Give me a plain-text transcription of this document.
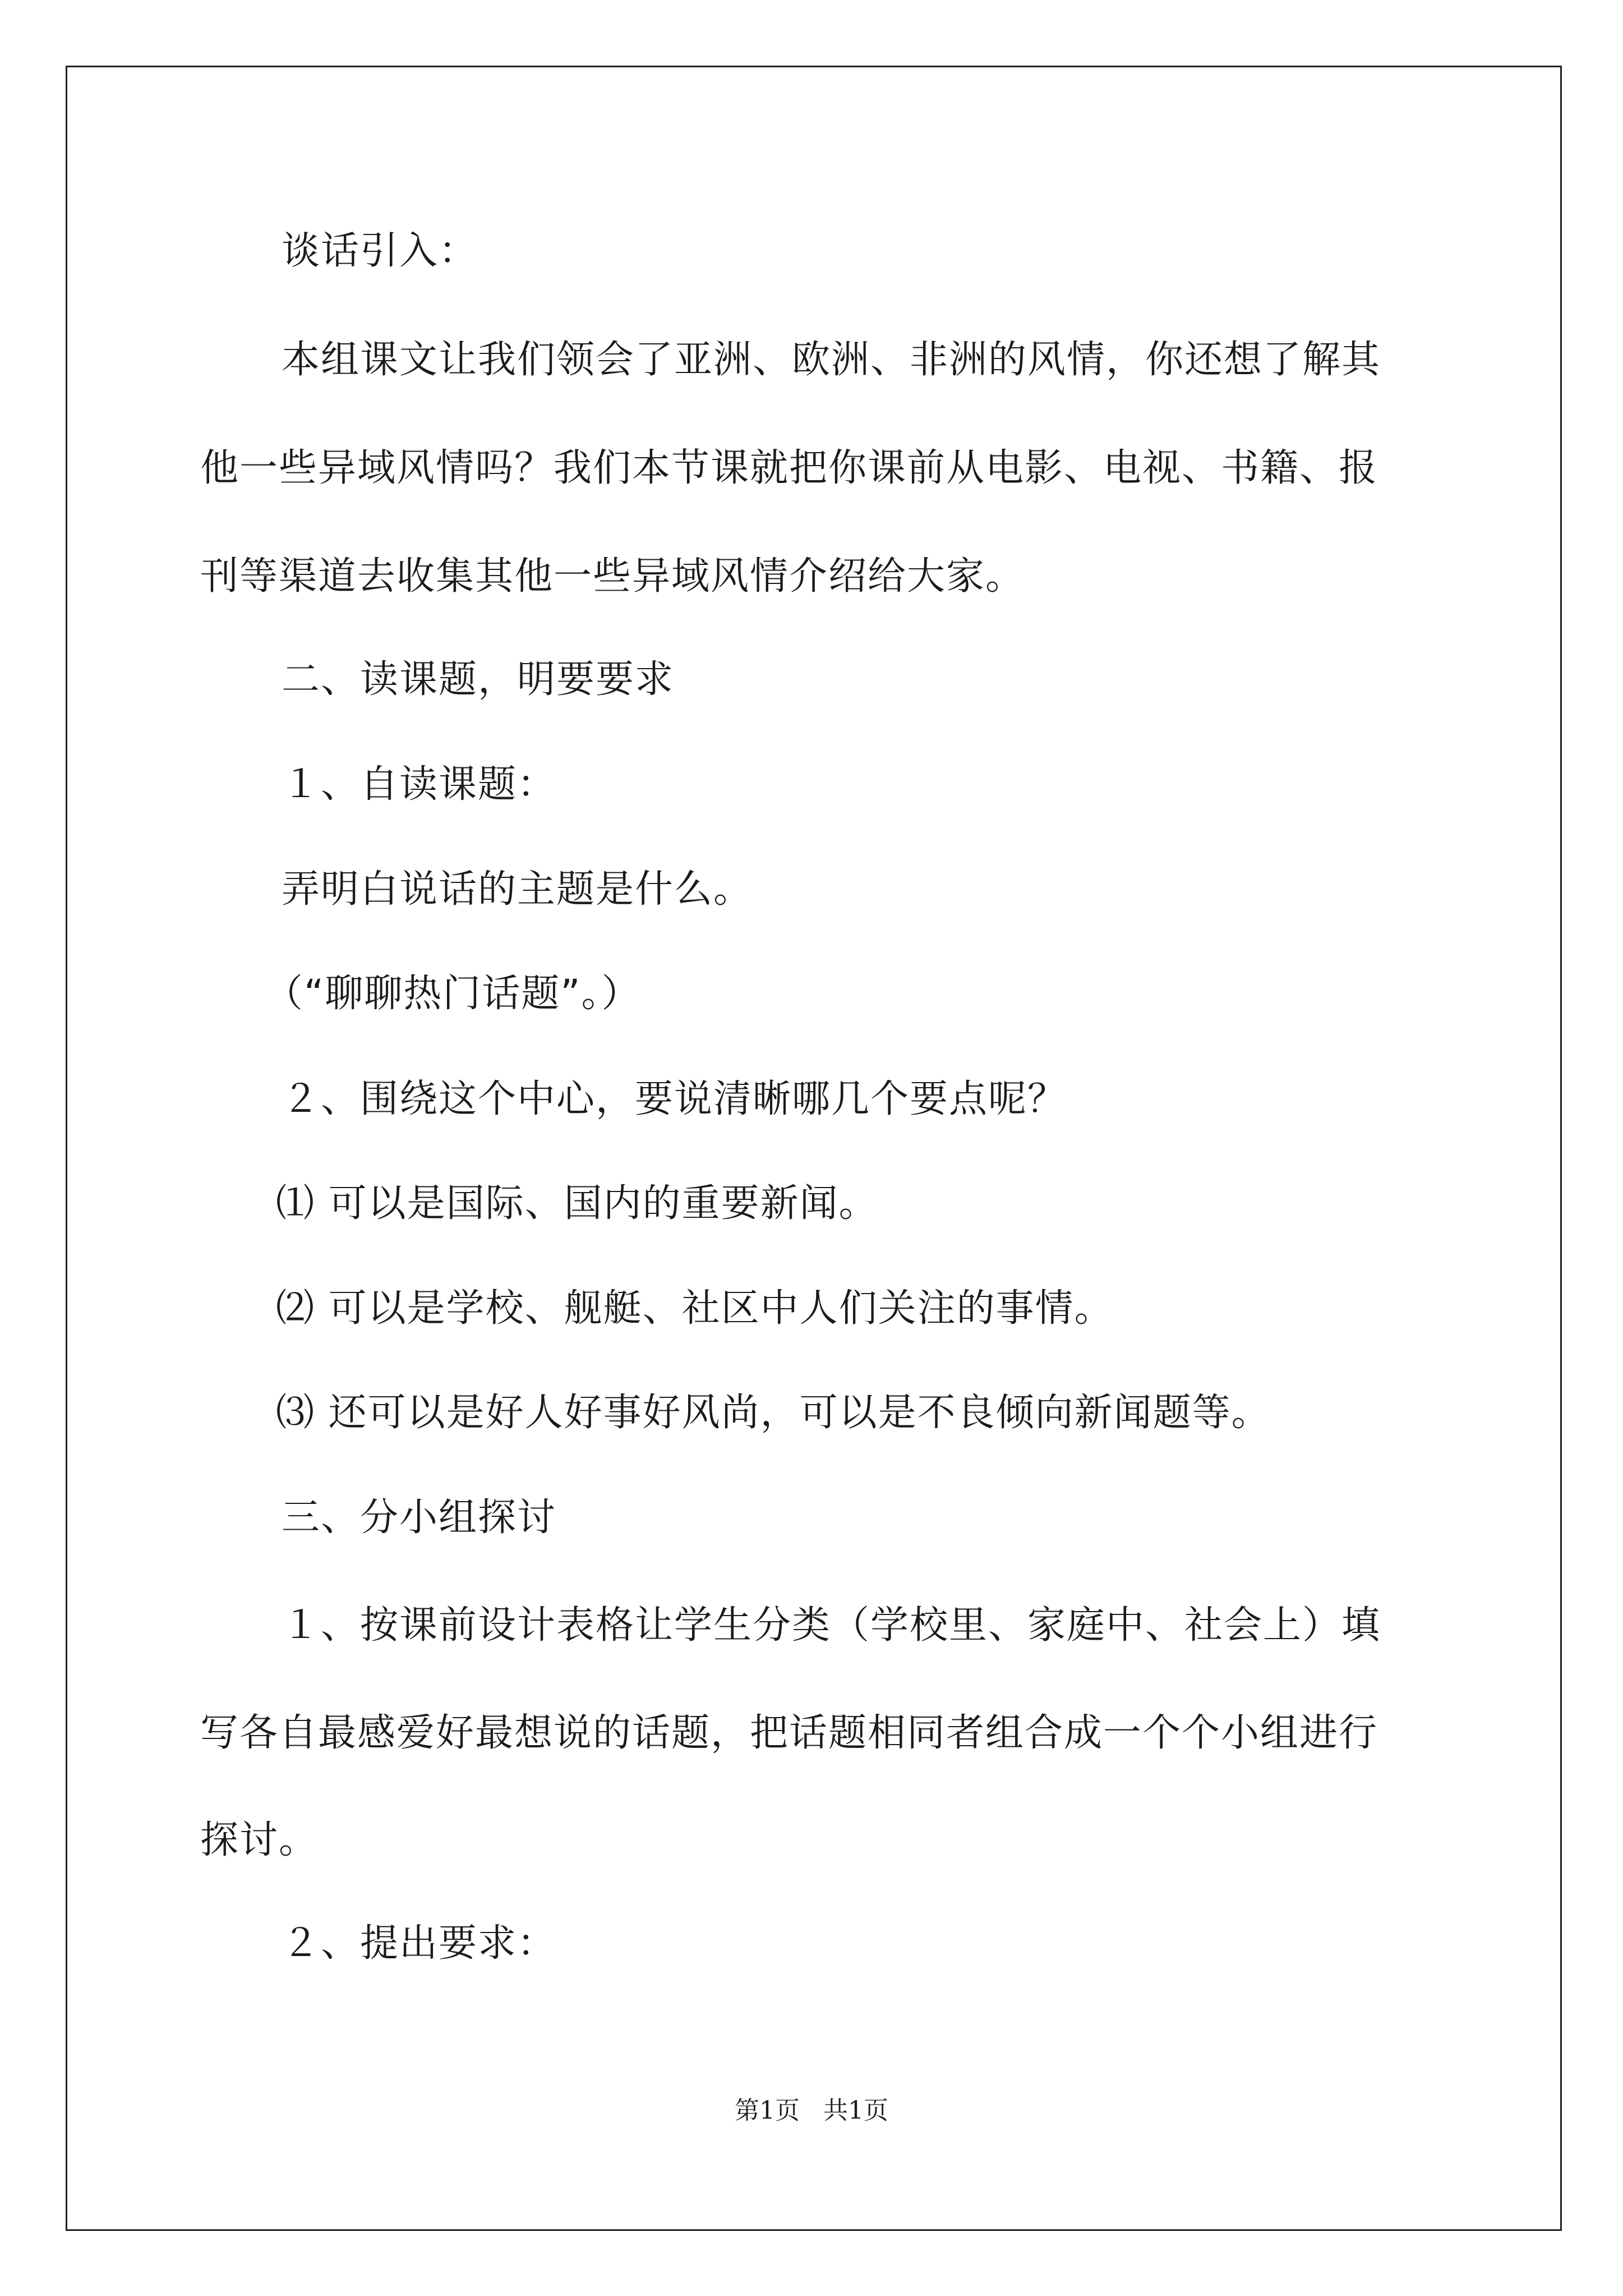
谈话引入：
本组课文让我们领会了亚洲、欧洲、非洲的风情，你还想了解其
他一些异域风情吗？我们本节课就把你课前从电影、电视、书籍、报
刊等渠道去收集其他一些异域风情介绍给大家。
二、读课题，明要要求
１、自读课题：
弄明白说话的主题是什么。
（“聊聊热门话题”。）
２、围绕这个中心，要说清晰哪几个要点呢？
⑴ 可以是国际、国内的重要新闻。
⑵ 可以是学校、舰艇、社区中人们关注的事情。
⑶ 还可以是好人好事好风尚，可以是不良倾向新闻题等。
三、分小组探讨
１、按课前设计表格让学生分类（学校里、家庭中、社会上）填
写各自最感爱好最想说的话题，把话题相同者组合成一个个小组进行
探讨。
２、提出要求：
第1页   共1页
